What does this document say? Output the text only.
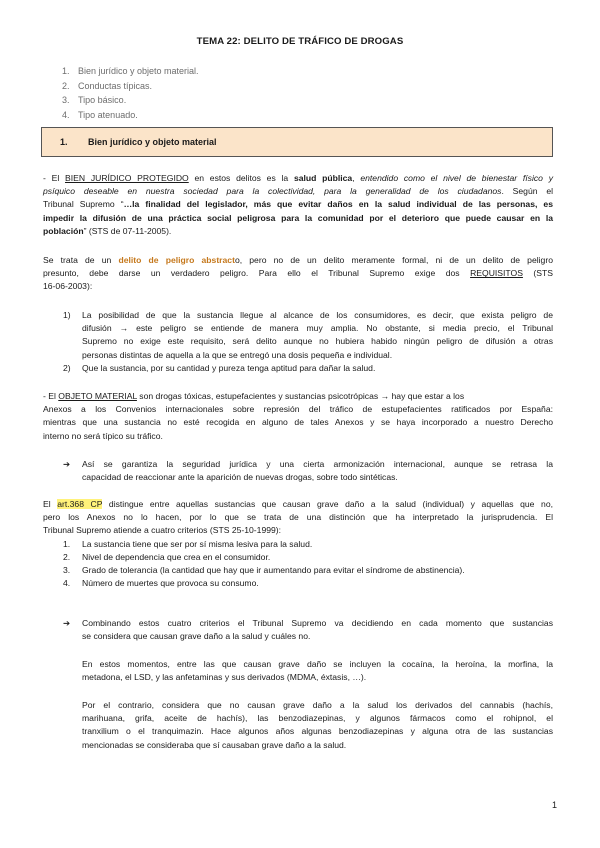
TEMA 22: DELITO DE TRÁFICO DE DROGAS
1. Bien jurídico y objeto material.
2. Conductas típicas.
3. Tipo básico.
4. Tipo atenuado.
1. Bien jurídico y objeto material
- El BIEN JURÍDICO PROTEGIDO en estos delitos es la salud pública, entendido como el nivel de bienestar físico y
psíquico deseable en nuestra sociedad para la colectividad, para la generalidad de los ciudadanos. Según el
Tribunal Supremo “…la finalidad del legislador, más que evitar daños en la salud individual de las personas, es
impedir la difusión de una práctica social peligrosa para la comunidad por el deterioro que puede causar en la
población” (STS de 07-11-2005).
Se trata de un delito de peligro abstracto, pero no de un delito meramente formal, ni de un delito de peligro
presunto, debe darse un verdadero peligro. Para ello el Tribunal Supremo exige dos REQUISITOS (STS
16-06-2003):
1) La posibilidad de que la sustancia llegue al alcance de los consumidores, es decir, que exista peligro de
difusión → este peligro se entiende de manera muy amplia. No obstante, si media precio, el Tribunal
Supremo no exige este requisito, será delito aunque no hubiera habido ningún peligro de difusión a otras
personas distintas de aquella a la que se entregó una dosis pequeña e individual.
2) Que la sustancia, por su cantidad y pureza tenga aptitud para dañar la salud.
- El OBJETO MATERIAL son drogas tóxicas, estupefacientes y sustancias psicotrópicas → hay que estar a los
Anexos a los Convenios internacionales sobre represión del tráfico de estupefacientes ratificados por España:
mientras que una sustancia no esté recogida en alguno de tales Anexos y se haya incorporado a nuestro Derecho
interno no será típico su tráfico.
➔ Así se garantiza la seguridad jurídica y una cierta armonización internacional, aunque se retrasa la
capacidad de reaccionar ante la aparición de nuevas drogas, sobre todo sintéticas.
El art.368 CP distingue entre aquellas sustancias que causan grave daño a la salud (individual) y aquellas que no,
pero los Anexos no lo hacen, por lo que se trata de una distinción que ha interpretado la jurisprudencia. El
Tribunal Supremo atiende a cuatro criterios (STS 25-10-1999):
1. La sustancia tiene que ser por sí misma lesiva para la salud.
2. Nivel de dependencia que crea en el consumidor.
3. Grado de tolerancia (la cantidad que hay que ir aumentando para evitar el síndrome de abstinencia).
4. Número de muertes que provoca su consumo.
➔ Combinando estos cuatro criterios el Tribunal Supremo va decidiendo en cada momento que sustancias
se considera que causan grave daño a la salud y cuáles no.
En estos momentos, entre las que causan grave daño se incluyen la cocaína, la heroína, la morfina, la
metadona, el LSD, y las anfetaminas y sus derivados (MDMA, éxtasis, …).
Por el contrario, considera que no causan grave daño a la salud los derivados del cannabis (hachís,
marihuana, grifa, aceite de hachís), las benzodiazepinas, y algunos fármacos como el rohipnol, el
tranxilium o el tranquimazin. Hace algunos años algunas benzodiazepinas y alguna otra de las sustancias
mencionadas se consideraba que sí causaban grave daño a la salud.
1
